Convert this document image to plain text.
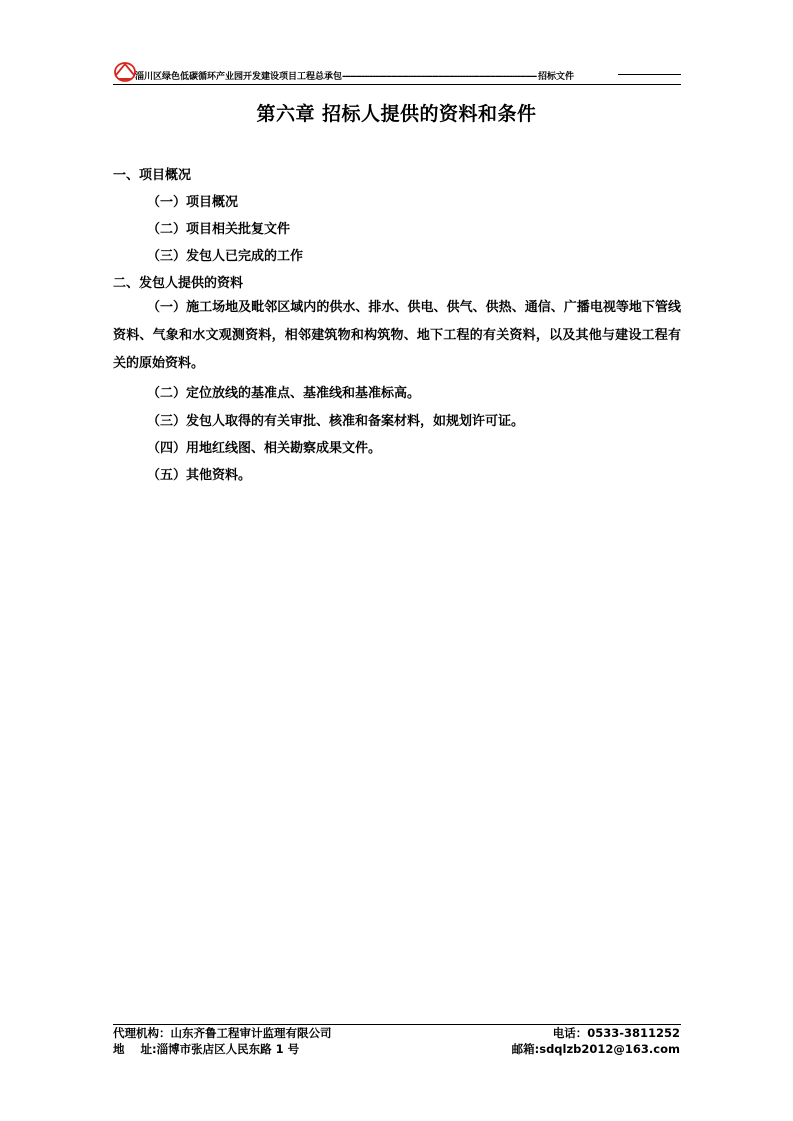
淄川区绿色低碳循环产业园开发建设项目工程总承包----------------------------------------------------------------------- 招标文件
第六章 招标人提供的资料和条件
一、项目概况
（一）项目概况
（二）项目相关批复文件
（三）发包人已完成的工作
二、发包人提供的资料
（一）施工场地及毗邻区域内的供水、排水、供电、供气、供热、通信、广播电视等地下管线资料、气象和水文观测资料，相邻建筑物和构筑物、地下工程的有关资料，以及其他与建设工程有关的原始资料。
（二）定位放线的基准点、基准线和基准标高。
（三）发包人取得的有关审批、核准和备案材料，如规划许可证。
（四）用地红线图、相关勘察成果文件。
（五）其他资料。
代理机构：山东齐鲁工程审计监理有限公司	电话：0533-3811252
地    址:淄博市张店区人民东路 1 号	邮箱:sdqlzb2012@163.com
